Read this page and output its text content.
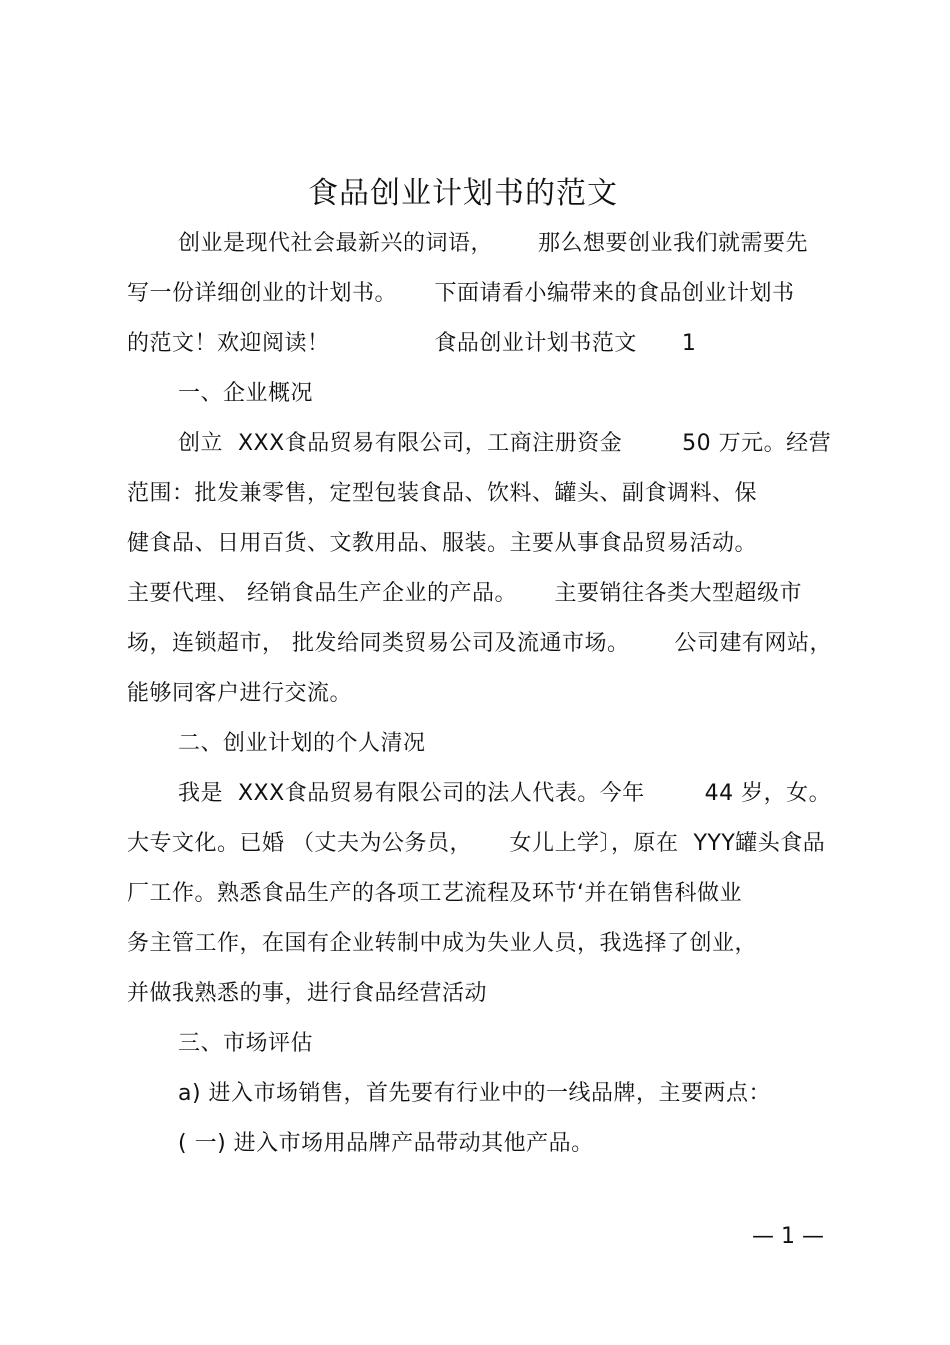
食品创业计划书的范文
创业是现代社会最新兴的词语，      那么想要创业我们就需要先
写一份详细创业的计划书。     下面请看小编带来的食品创业计划书
的范文！欢迎阅读！              食品创业计划书范文      1
一、企业概况
创立  XXX食品贸易有限公司，工商注册资金        50 万元。经营
范围：批发兼零售，定型包装食品、饮料、罐头、副食调料、保
健食品、日用百货、文教用品、服装。主要从事食品贸易活动。
主要代理、 经销食品生产企业的产品。     主要销往各类大型超级市
场，连锁超市， 批发给同类贸易公司及流通市场。      公司建有网站，
能够同客户进行交流。
二、创业计划的个人清况
我是  XXX食品贸易有限公司的法人代表。今年        44 岁，女。
大专文化。已婚 （丈夫为公务员，     女儿上学〕，原在  YYY罐头食品
厂工作。熟悉食品生产的各项工艺流程及环节‘并在销售科做业
务主管工作，在国有企业转制中成为失业人员，我选择了创业，
并做我熟悉的事，进行食品经营活动
三、市场评估
a) 进入市场销售，首先要有行业中的一线品牌，主要两点：
( 一) 进入市场用品牌产品带动其他产品。
— 1 —
